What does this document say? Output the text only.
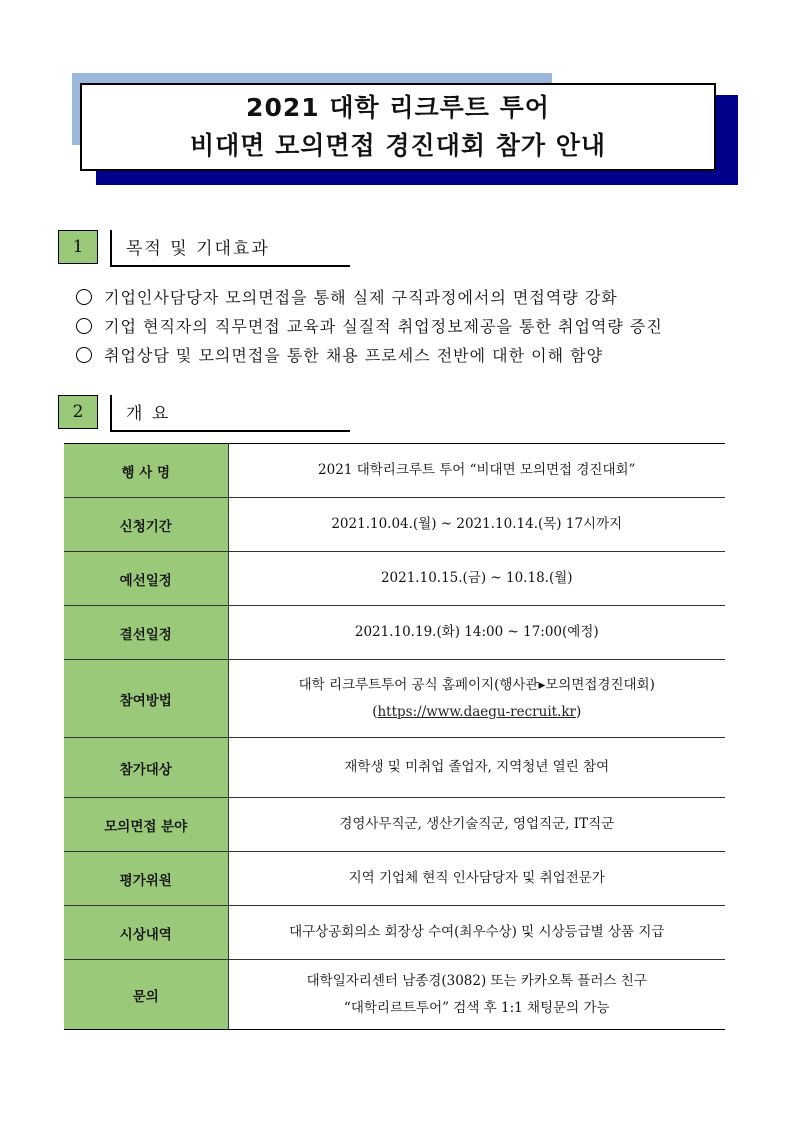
2021 대학 리크루트 투어
비대면 모의면접 경진대회 참가 안내
1	목적 및 기대효과
기업인사담당자 모의면접을 통해 실제 구직과정에서의 면접역량 강화
기업 현직자의 직무면접 교육과 실질적 취업정보제공을 통한 취업역량 증진
취업상담 및 모의면접을 통한 채용 프로세스 전반에 대한 이해 함양
2	개 요
행 사 명	2021 대학리크루트 투어 “비대면 모의면접 경진대회”
신청기간	2021.10.04.(월) ~ 2021.10.14.(목) 17시까지
예선일정	2021.10.15.(금) ~ 10.18.(월)
결선일정	2021.10.19.(화) 14:00 ~ 17:00(예정)
참여방법	대학 리크루트투어 공식 홈페이지(행사관▸모의면접경진대회)
(https://www.daegu-recruit.kr)

참가대상	재학생 및 미취업 졸업자, 지역청년 열린 참여
모의면접 분야	경영사무직군, 생산기술직군, 영업직군, IT직군
평가위원	지역 기업체 현직 인사담당자 및 취업전문가
시상내역	대구상공회의소 회장상 수여(최우수상) 및 시상등급별 상품 지급
문의	대학일자리센터 남종경(3082) 또는 카카오톡 플러스 친구
“대학리르트투어” 검색 후 1:1 채팅문의 가능
